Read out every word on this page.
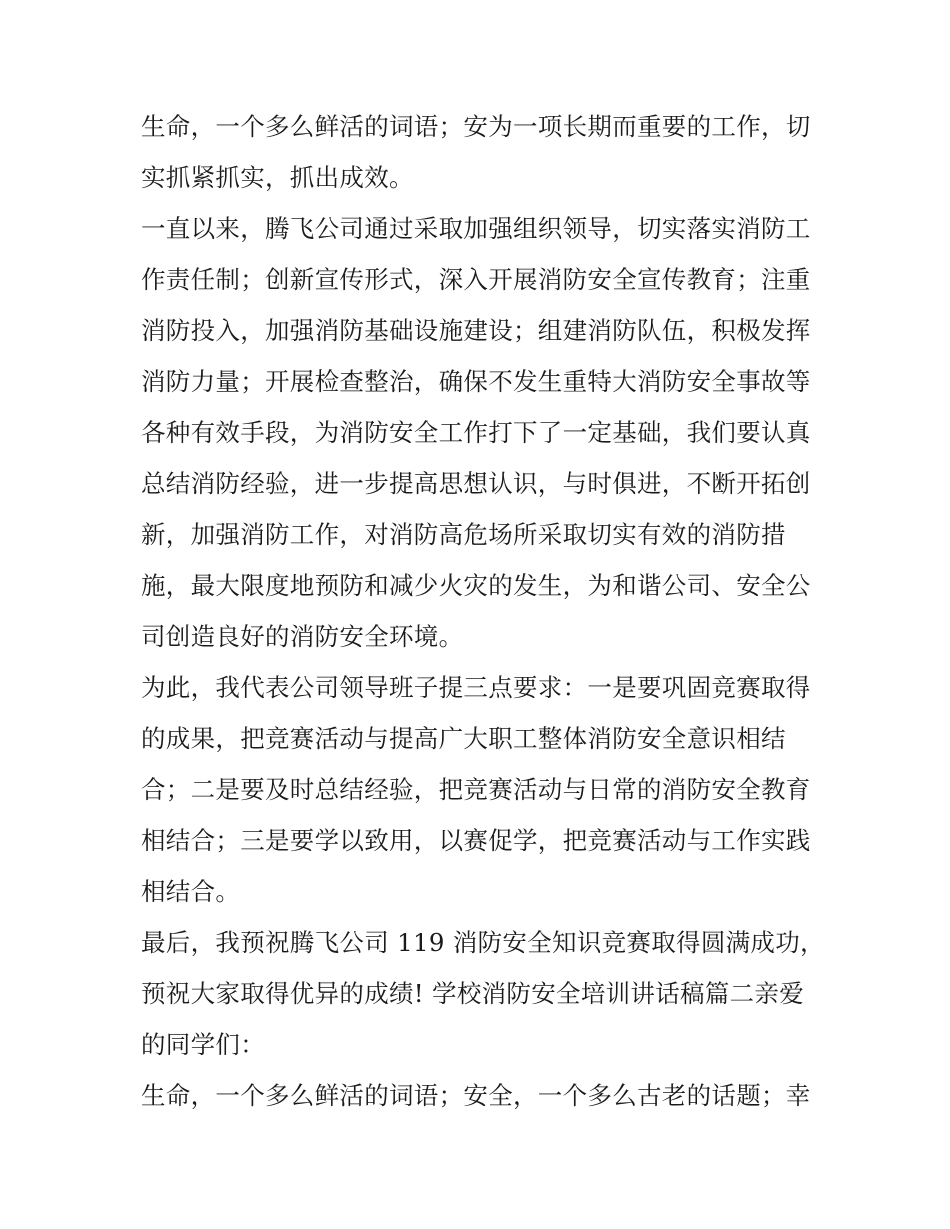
生命，一个多么鲜活的词语；安为一项长期而重要的工作，切
实抓紧抓实，抓出成效。
一直以来，腾飞公司通过采取加强组织领导，切实落实消防工
作责任制；创新宣传形式，深入开展消防安全宣传教育；注重
消防投入，加强消防基础设施建设；组建消防队伍，积极发挥
消防力量；开展检查整治，确保不发生重特大消防安全事故等
各种有效手段，为消防安全工作打下了一定基础，我们要认真
总结消防经验，进一步提高思想认识，与时俱进，不断开拓创
新，加强消防工作，对消防高危场所采取切实有效的消防措
施，最大限度地预防和减少火灾的发生，为和谐公司、安全公
司创造良好的消防安全环境。
为此，我代表公司领导班子提三点要求：一是要巩固竞赛取得
的成果，把竞赛活动与提高广大职工整体消防安全意识相结
合；二是要及时总结经验，把竞赛活动与日常的消防安全教育
相结合；三是要学以致用，以赛促学，把竞赛活动与工作实践
相结合。
最后，我预祝腾飞公司 119 消防安全知识竞赛取得圆满成功，
预祝大家取得优异的成绩! 学校消防安全培训讲话稿篇二亲爱
的同学们：
生命，一个多么鲜活的词语；安全，一个多么古老的话题；幸
